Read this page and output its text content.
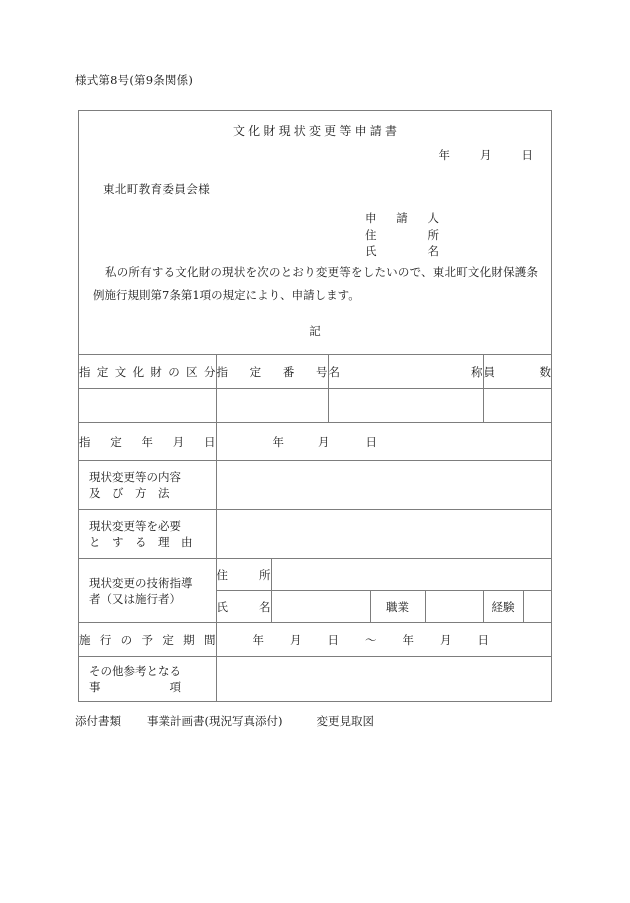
様式第8号(第9条関係)
文化財現状変更等申請書
年	月	日
東北町教育委員会様
申請人
住所
氏名
私の所有する文化財の現状を次のとおり変更等をしたいので、東北町文化財保護条例施行規則第7条第1項の規定により、申請します。
記
指定文化財の区分	指定番号		名称			員数	

指定年月日	年 月 日						

現状変更等の内容
及　び　方　法							

現状変更等を必要
と　す　る　理　由							

現状変更の技術指導
者（又は施行者）	住所						

	氏名			職業		経験	

施行の予定期間	年 月 日 〜 年 月 日						

その他参考となる
事　　　　　　項							

添付書類 事業計画書(現況写真添付)	変更見取図
